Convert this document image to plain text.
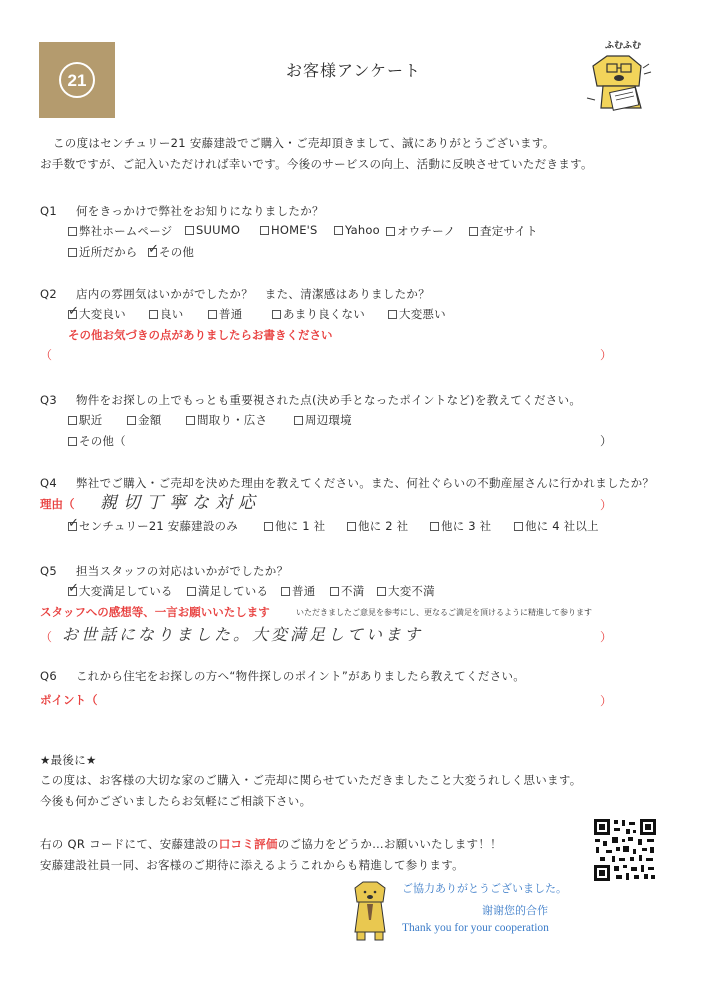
21
お客様アンケート
ふむふむ
この度はセンチュリー21 安藤建設でご購入・ご売却頂きまして、誠にありがとうございます。
お手数ですが、ご記入いただければ幸いです。今後のサービスの向上、活動に反映させていただきます。
Q1 何をきっかけで弊社をお知りになりましたか？
弊社ホームページ	SUUMO	HOME'S	Yahoo	オウチーノ	査定サイト
近所だから
✓	その他
Q2 店内の雰囲気はいかがでしたか？　また、清潔感はありましたか？
✓大変良い	良い	普通	あまり良くない	大変悪い
その他お気づきの点がありましたらお書きください
（	）
Q3 物件をお探しの上でもっとも重要視された点(決め手となったポイントなど)を教えてください。
駅近	金額	間取り・広さ	周辺環境
その他（	）
Q4 弊社でご購入・ご売却を決めた理由を教えてください。また、何社ぐらいの不動産屋さんに行かれましたか？
理由（ 親切丁寧な対応	）
✓センチュリー21 安藤建設のみ	他に 1 社	他に 2 社	他に 3 社	他に 4 社以上
Q5 担当スタッフの対応はいかがでしたか？
✓大変満足している	満足している	普通	不満	大変不満
スタッフへの感想等、一言お願いいたします	いただきましたご意見を参考にし、更なるご満足を頂けるように精進して参ります
（ お世話になりました。大変満足しています	）
Q6 これから住宅をお探しの方へ“物件探しのポイント”がありましたら教えてください。
ポイント（	）
★最後に★
この度は、お客様の大切な家のご購入・ご売却に関らせていただきましたこと大変うれしく思います。
今後も何かございましたらお気軽にご相談下さい。
右の QR コードにて、安藤建設の口コミ評価のご協力をどうか…お願いいたします！！
安藤建設社員一同、お客様のご期待に添えるようこれからも精進して参ります。
ご協力ありがとうございました。
谢谢您的合作
Thank you for your cooperation
